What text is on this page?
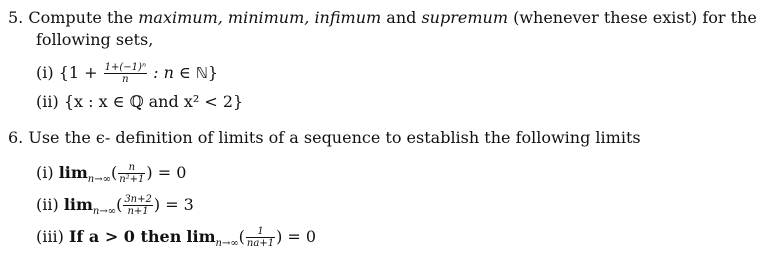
5. Compute the maximum, minimum, infimum and supremum (whenever these exist) for the
following sets,
(i) {$1 + \frac{\text{1+(−1)ⁿ}}{n}$ : n ∈ ℕ}
(ii) {x : x ∈ ℚ and x² < 2}
6. Use the ϵ- definition of limits of a sequence to establish the following limits
(i) $\lim_{n\to\infty}( \frac{n}{\text{n²+1}}$ ) = 0
(ii) $\lim_{n\to\infty}( \frac{3n+2}{n+1}$ ) = 3
(iii) If a > 0 then $\lim_{n\to\infty}( \frac{1}{na+1}$ ) = 0
